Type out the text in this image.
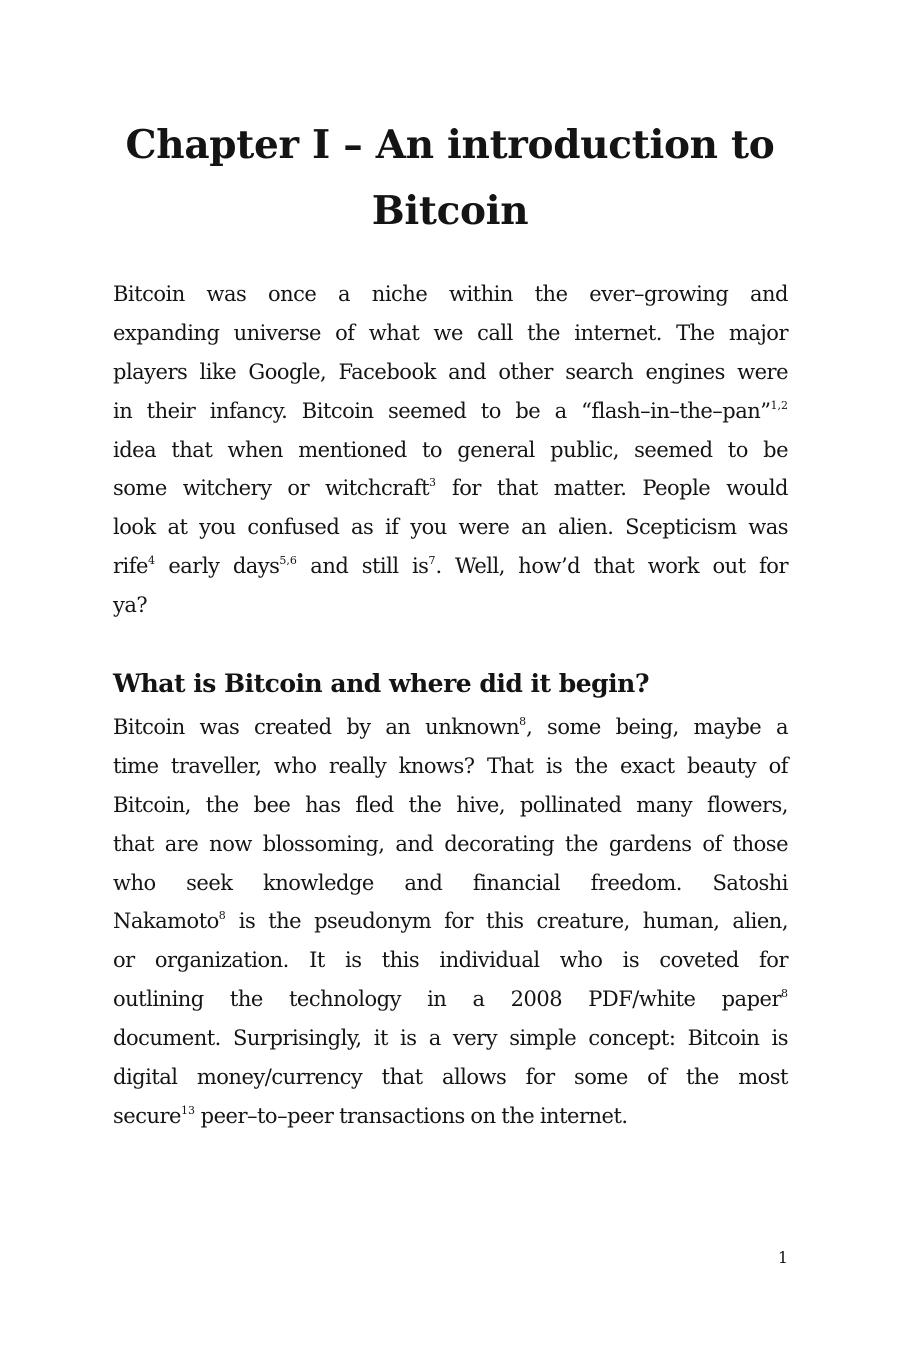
Chapter I – An introduction to
Bitcoin

Bitcoin was once a niche within the ever–growing and
expanding universe of what we call the internet. The major
players like Google, Facebook and other search engines were
in their infancy. Bitcoin seemed to be a “flash–in–the–pan”$^{1,2}$
idea that when mentioned to general public, seemed to be
some witchery or witchcraft$^3$ for that matter. People would
look at you confused as if you were an alien. Scepticism was
rife$^4$ early days$^{5,6}$ and still $is^7$. Well, how’d that work out for
ya?

What is Bitcoin and where did it begin?

Bitcoin was created by an unknown$^8$, some being, maybe a
time traveller, who really knows? That is the exact beauty of
Bitcoin, the bee has fled the hive, pollinated many flowers,
that are now blossoming, and decorating the gardens of those
who seek knowledge and financial freedom. Satoshi
Nakamoto$^8$ is the pseudonym for this creature, human, alien,
or organization. It is this individual who is coveted for
outlining the technology in a 2008 PDF/white paper$^8$
document. Surprisingly, it is a very simple concept: Bitcoin is
digital money/currency that allows for some of the most
secure$^{13}$ peer–to–peer transactions on the internet.

1
